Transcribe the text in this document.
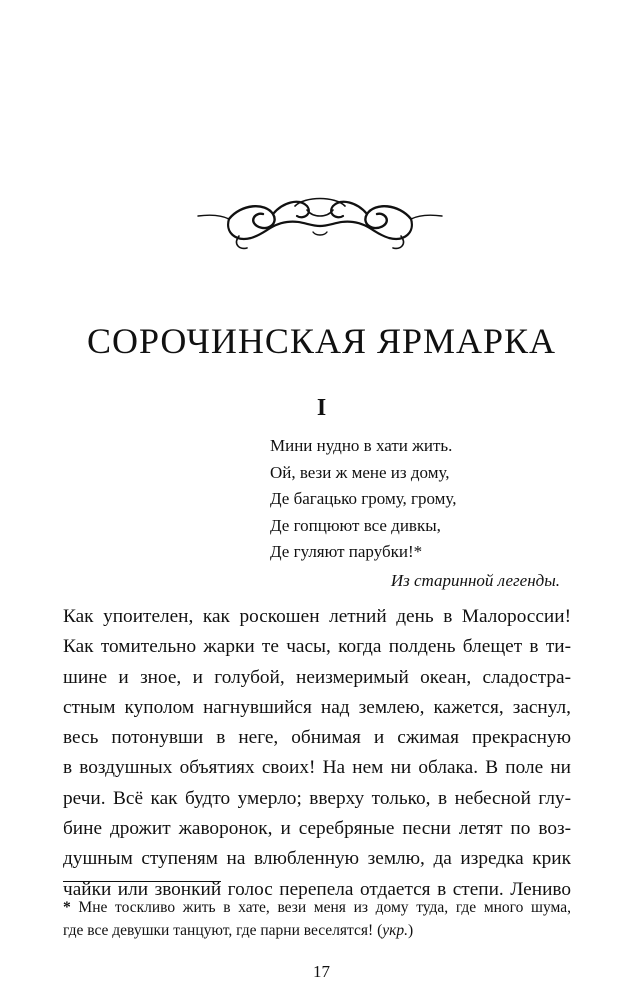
СОРОЧИНСКАЯ ЯРМАРКА
I
Мини нудно в хати жить.
Ой, вези ж мене из дому,
Де багацько грому, грому,
Де гопцюют все дивкы,
Де гуляют парубки!*
Из старинной легенды.
Как упоителен, как роскошен летний день в Малороссии!
Как томительно жарки те часы, когда полдень блещет в ти-
шине и зное, и голубой, неизмеримый океан, сладостра-
стным куполом нагнувшийся над землею, кажется, заснул,
весь потонувши в неге, обнимая и сжимая прекрасную
в воздушных объятиях своих! На нем ни облака. В поле ни
речи. Всё как будто умерло; вверху только, в небесной глу-
бине дрожит жаворонок, и серебряные песни летят по воз-
душным ступеням на влюбленную землю, да изредка крик
чайки или звонкий голос перепела отдается в степи. Лениво
* Мне тоскливо жить в хате, вези меня из дому туда, где много шума,
где все девушки танцуют, где парни веселятся! (укр.)
17
